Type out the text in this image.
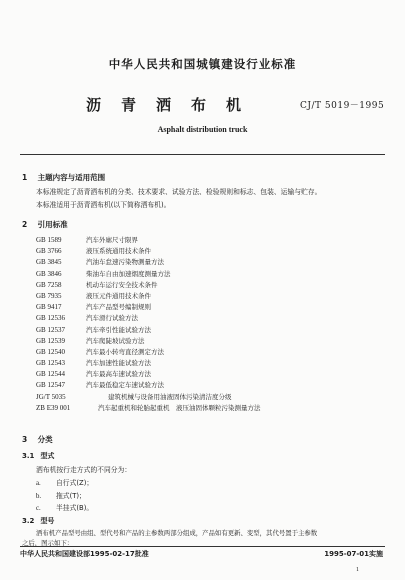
中华人民共和国城镇建设行业标准
沥青洒布机	CJ/T 5019－1995
Asphalt distribution truck
1 主题内容与适用范围
本标准规定了沥青洒布机的分类、技术要求、试验方法、检验规则和标志、包装、运输与贮存。
本标准适用于沥青洒布机(以下简称洒布机)。
2 引用标准
GB 1589	汽车外廓尺寸限界
GB 3766	液压系统通用技术条件
GB 3845	汽油车怠速污染物测量方法
GB 3846	柴油车自由加速烟度测量方法
GB 7258	机动车运行安全技术条件
GB 7935	液压元件通用技术条件
GB 9417	汽车产品型号编制规则
GB 12536	汽车滑行试验方法
GB 12537	汽车牵引性能试验方法
GB 12539	汽车爬陡坡试验方法
GB 12540	汽车最小转弯直径测定方法
GB 12543	汽车加速性能试验方法
GB 12544	汽车最高车速试验方法
GB 12547	汽车最低稳定车速试验方法
JG/T 5035	建筑机械与设备用油液固体污染清洁度分级
ZB E39 001	汽车起重机和轮胎起重机　液压油固体颗粒污染测量方法
3 分类
3.1 型式
洒布机按行走方式的不同分为：
a. 自行式(Z)；
b. 拖式(T)；
c. 半挂式(B)。
3.2 型号
洒布机产品型号由组、型代号和产品的主参数两部分组成，产品如有更新、变型，其代号置于主参数
之后，图示如下：
中华人民共和国建设部1995-02-17批准	1995-07-01实施
1
